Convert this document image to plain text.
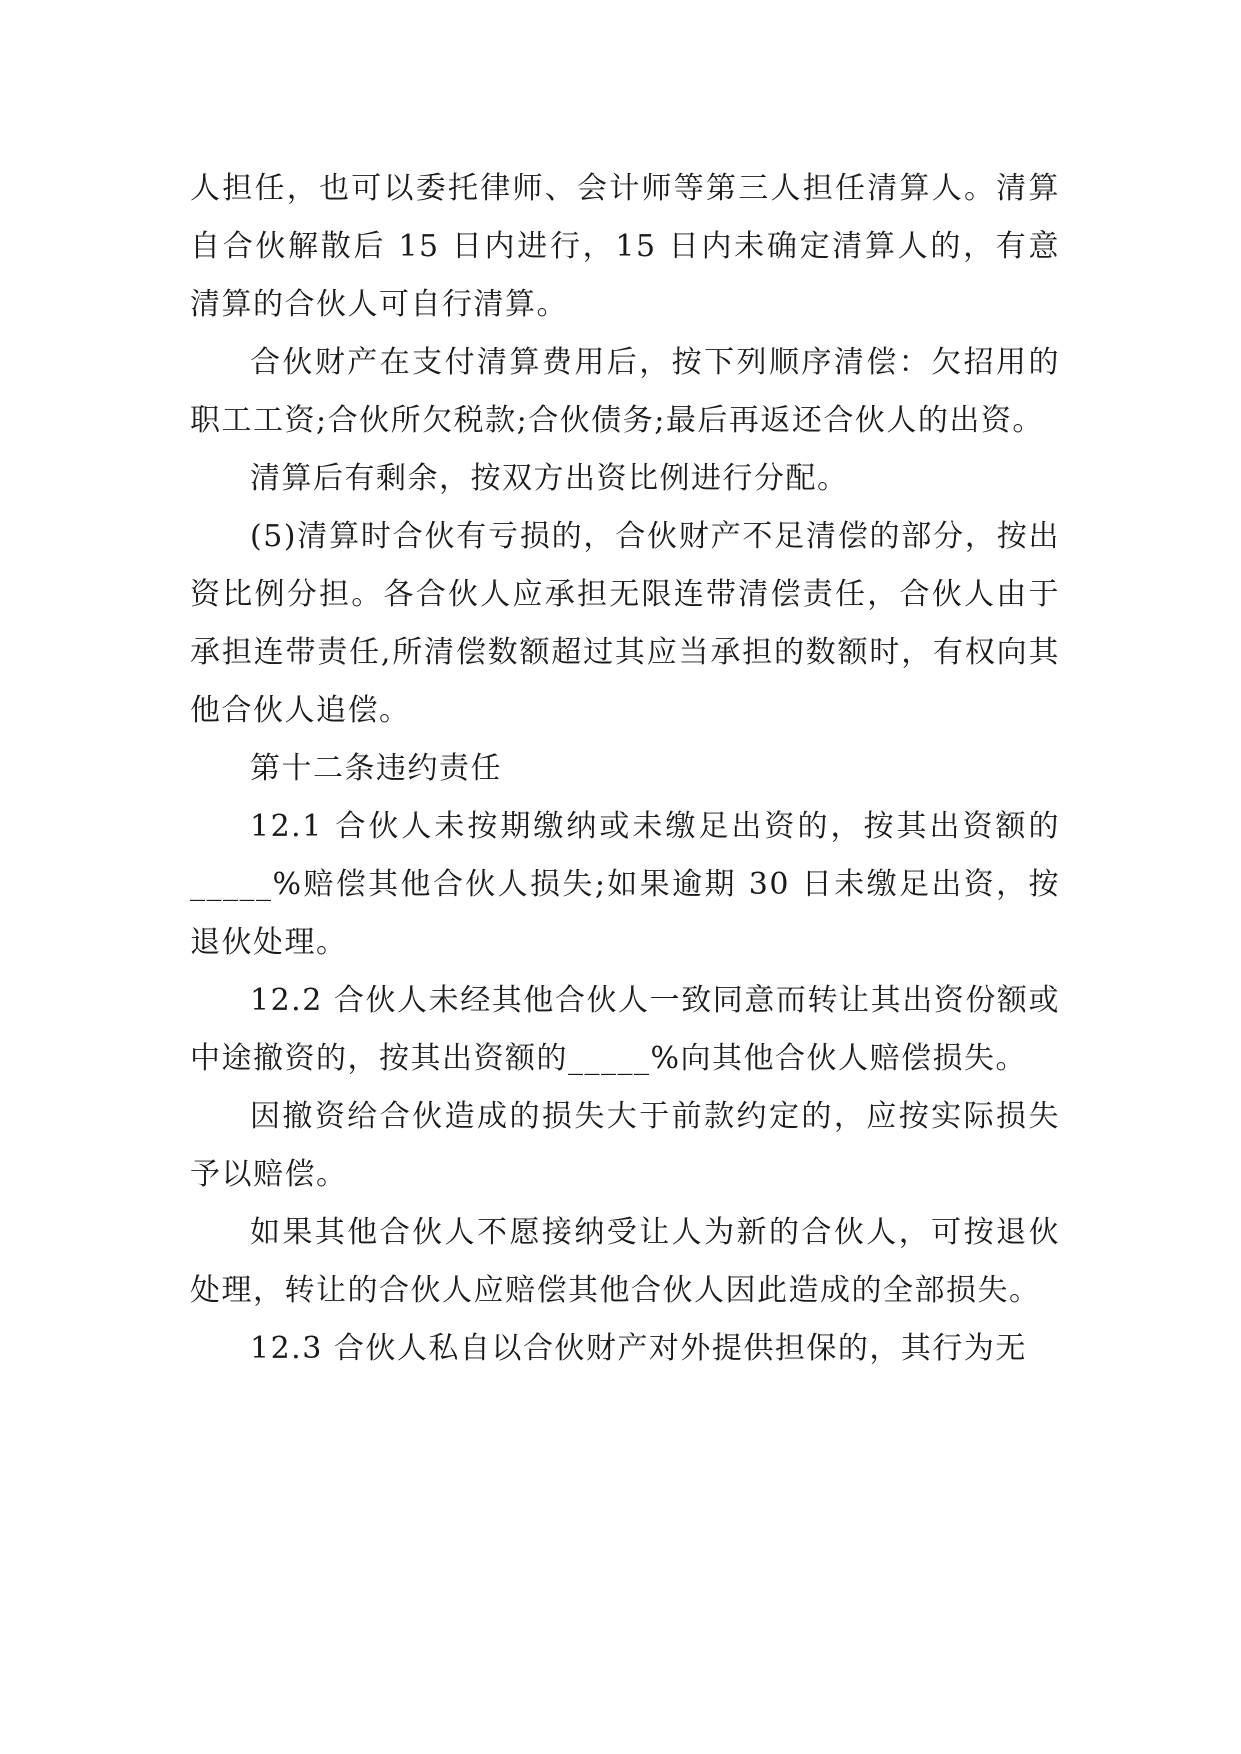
人担任，也可以委托律师、会计师等第三人担任清算人。清算自合伙解散后 15 日内进行，15 日内未确定清算人的，有意清算的合伙人可自行清算。

合伙财产在支付清算费用后，按下列顺序清偿：欠招用的职工工资;合伙所欠税款;合伙债务;最后再返还合伙人的出资。

清算后有剩余，按双方出资比例进行分配。

(5)清算时合伙有亏损的，合伙财产不足清偿的部分，按出资比例分担。各合伙人应承担无限连带清偿责任，合伙人由于承担连带责任,所清偿数额超过其应当承担的数额时，有权向其他合伙人追偿。

第十二条违约责任

12.1 合伙人未按期缴纳或未缴足出资的，按其出资额的_____%赔偿其他合伙人损失;如果逾期 30 日未缴足出资，按退伙处理。

12.2 合伙人未经其他合伙人一致同意而转让其出资份额或中途撤资的，按其出资额的_____%向其他合伙人赔偿损失。

因撤资给合伙造成的损失大于前款约定的，应按实际损失予以赔偿。

如果其他合伙人不愿接纳受让人为新的合伙人，可按退伙处理，转让的合伙人应赔偿其他合伙人因此造成的全部损失。

12.3 合伙人私自以合伙财产对外提供担保的，其行为无
